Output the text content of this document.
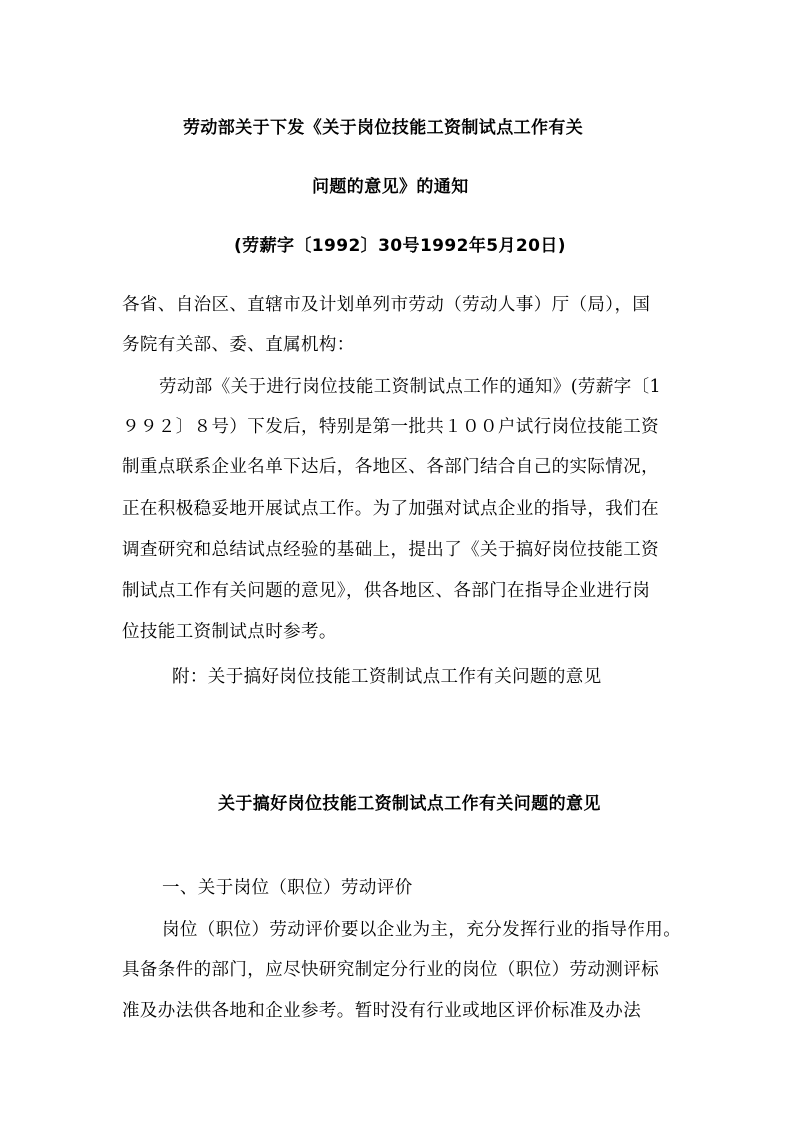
劳动部关于下发《关于岗位技能工资制试点工作有关
问题的意见》的通知
(劳薪字〔1992〕30号1992年5月20日)
各省、自治区、直辖市及计划单列市劳动（劳动人事）厅（局），国
务院有关部、委、直属机构：
劳动部《关于进行岗位技能工资制试点工作的通知》(劳薪字〔1
９９２〕８号）下发后，特别是第一批共１００户试行岗位技能工资
制重点联系企业名单下达后，各地区、各部门结合自己的实际情况，
正在积极稳妥地开展试点工作。为了加强对试点企业的指导，我们在
调查研究和总结试点经验的基础上，提出了《关于搞好岗位技能工资
制试点工作有关问题的意见》，供各地区、各部门在指导企业进行岗
位技能工资制试点时参考。
附：关于搞好岗位技能工资制试点工作有关问题的意见
关于搞好岗位技能工资制试点工作有关问题的意见
一、关于岗位（职位）劳动评价
岗位（职位）劳动评价要以企业为主，充分发挥行业的指导作用。
具备条件的部门，应尽快研究制定分行业的岗位（职位）劳动测评标
准及办法供各地和企业参考。暂时没有行业或地区评价标准及办法
